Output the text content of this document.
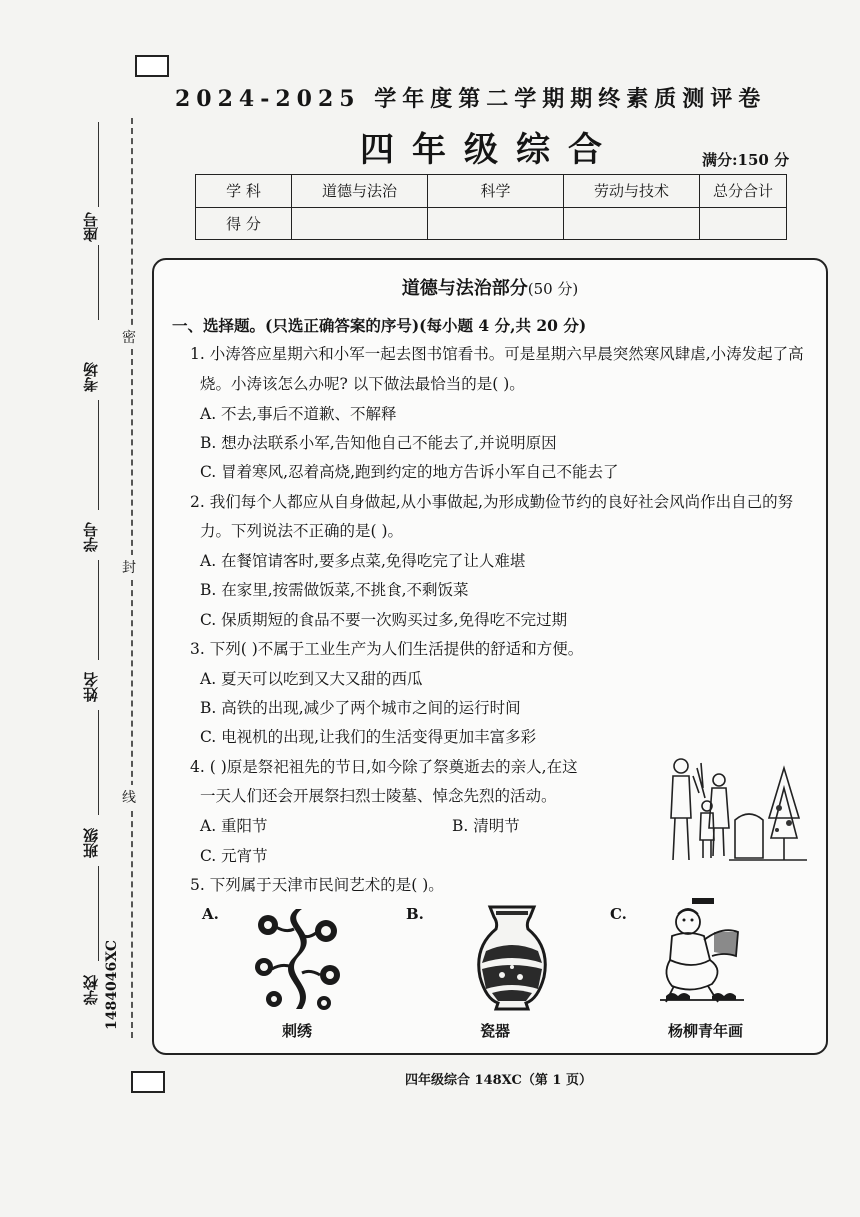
2024-2025 学年度第二学期期终素质测评卷
四年级综合	满分:150 分
学 科	道德与法治	科学	劳动与技术	总分合计
得 分				
座号
考场
学号
姓名
班级
学校 1484046XC
密
封
线
道德与法治部分(50 分)
一、选择题。(只选正确答案的序号)(每小题 4 分,共 20 分)
1. 小涛答应星期六和小军一起去图书馆看书。可是星期六早晨突然寒风肆虐,小涛发起了高
烧。小涛该怎么办呢? 以下做法最恰当的是( )。
A. 不去,事后不道歉、不解释
B. 想办法联系小军,告知他自己不能去了,并说明原因
C. 冒着寒风,忍着高烧,跑到约定的地方告诉小军自己不能去了
2. 我们每个人都应从自身做起,从小事做起,为形成勤俭节约的良好社会风尚作出自己的努
力。下列说法不正确的是( )。
A. 在餐馆请客时,要多点菜,免得吃完了让人难堪
B. 在家里,按需做饭菜,不挑食,不剩饭菜
C. 保质期短的食品不要一次购买过多,免得吃不完过期
3. 下列( )不属于工业生产为人们生活提供的舒适和方便。
A. 夏天可以吃到又大又甜的西瓜
B. 高铁的出现,减少了两个城市之间的运行时间
C. 电视机的出现,让我们的生活变得更加丰富多彩
4. ( )原是祭祀祖先的节日,如今除了祭奠逝去的亲人,在这
一天人们还会开展祭扫烈士陵墓、悼念先烈的活动。
A. 重阳节	B. 清明节
C. 元宵节
5. 下列属于天津市民间艺术的是( )。
A.	B.	C.
刺绣	瓷器	杨柳青年画
四年级综合 148XC（第 1 页）
